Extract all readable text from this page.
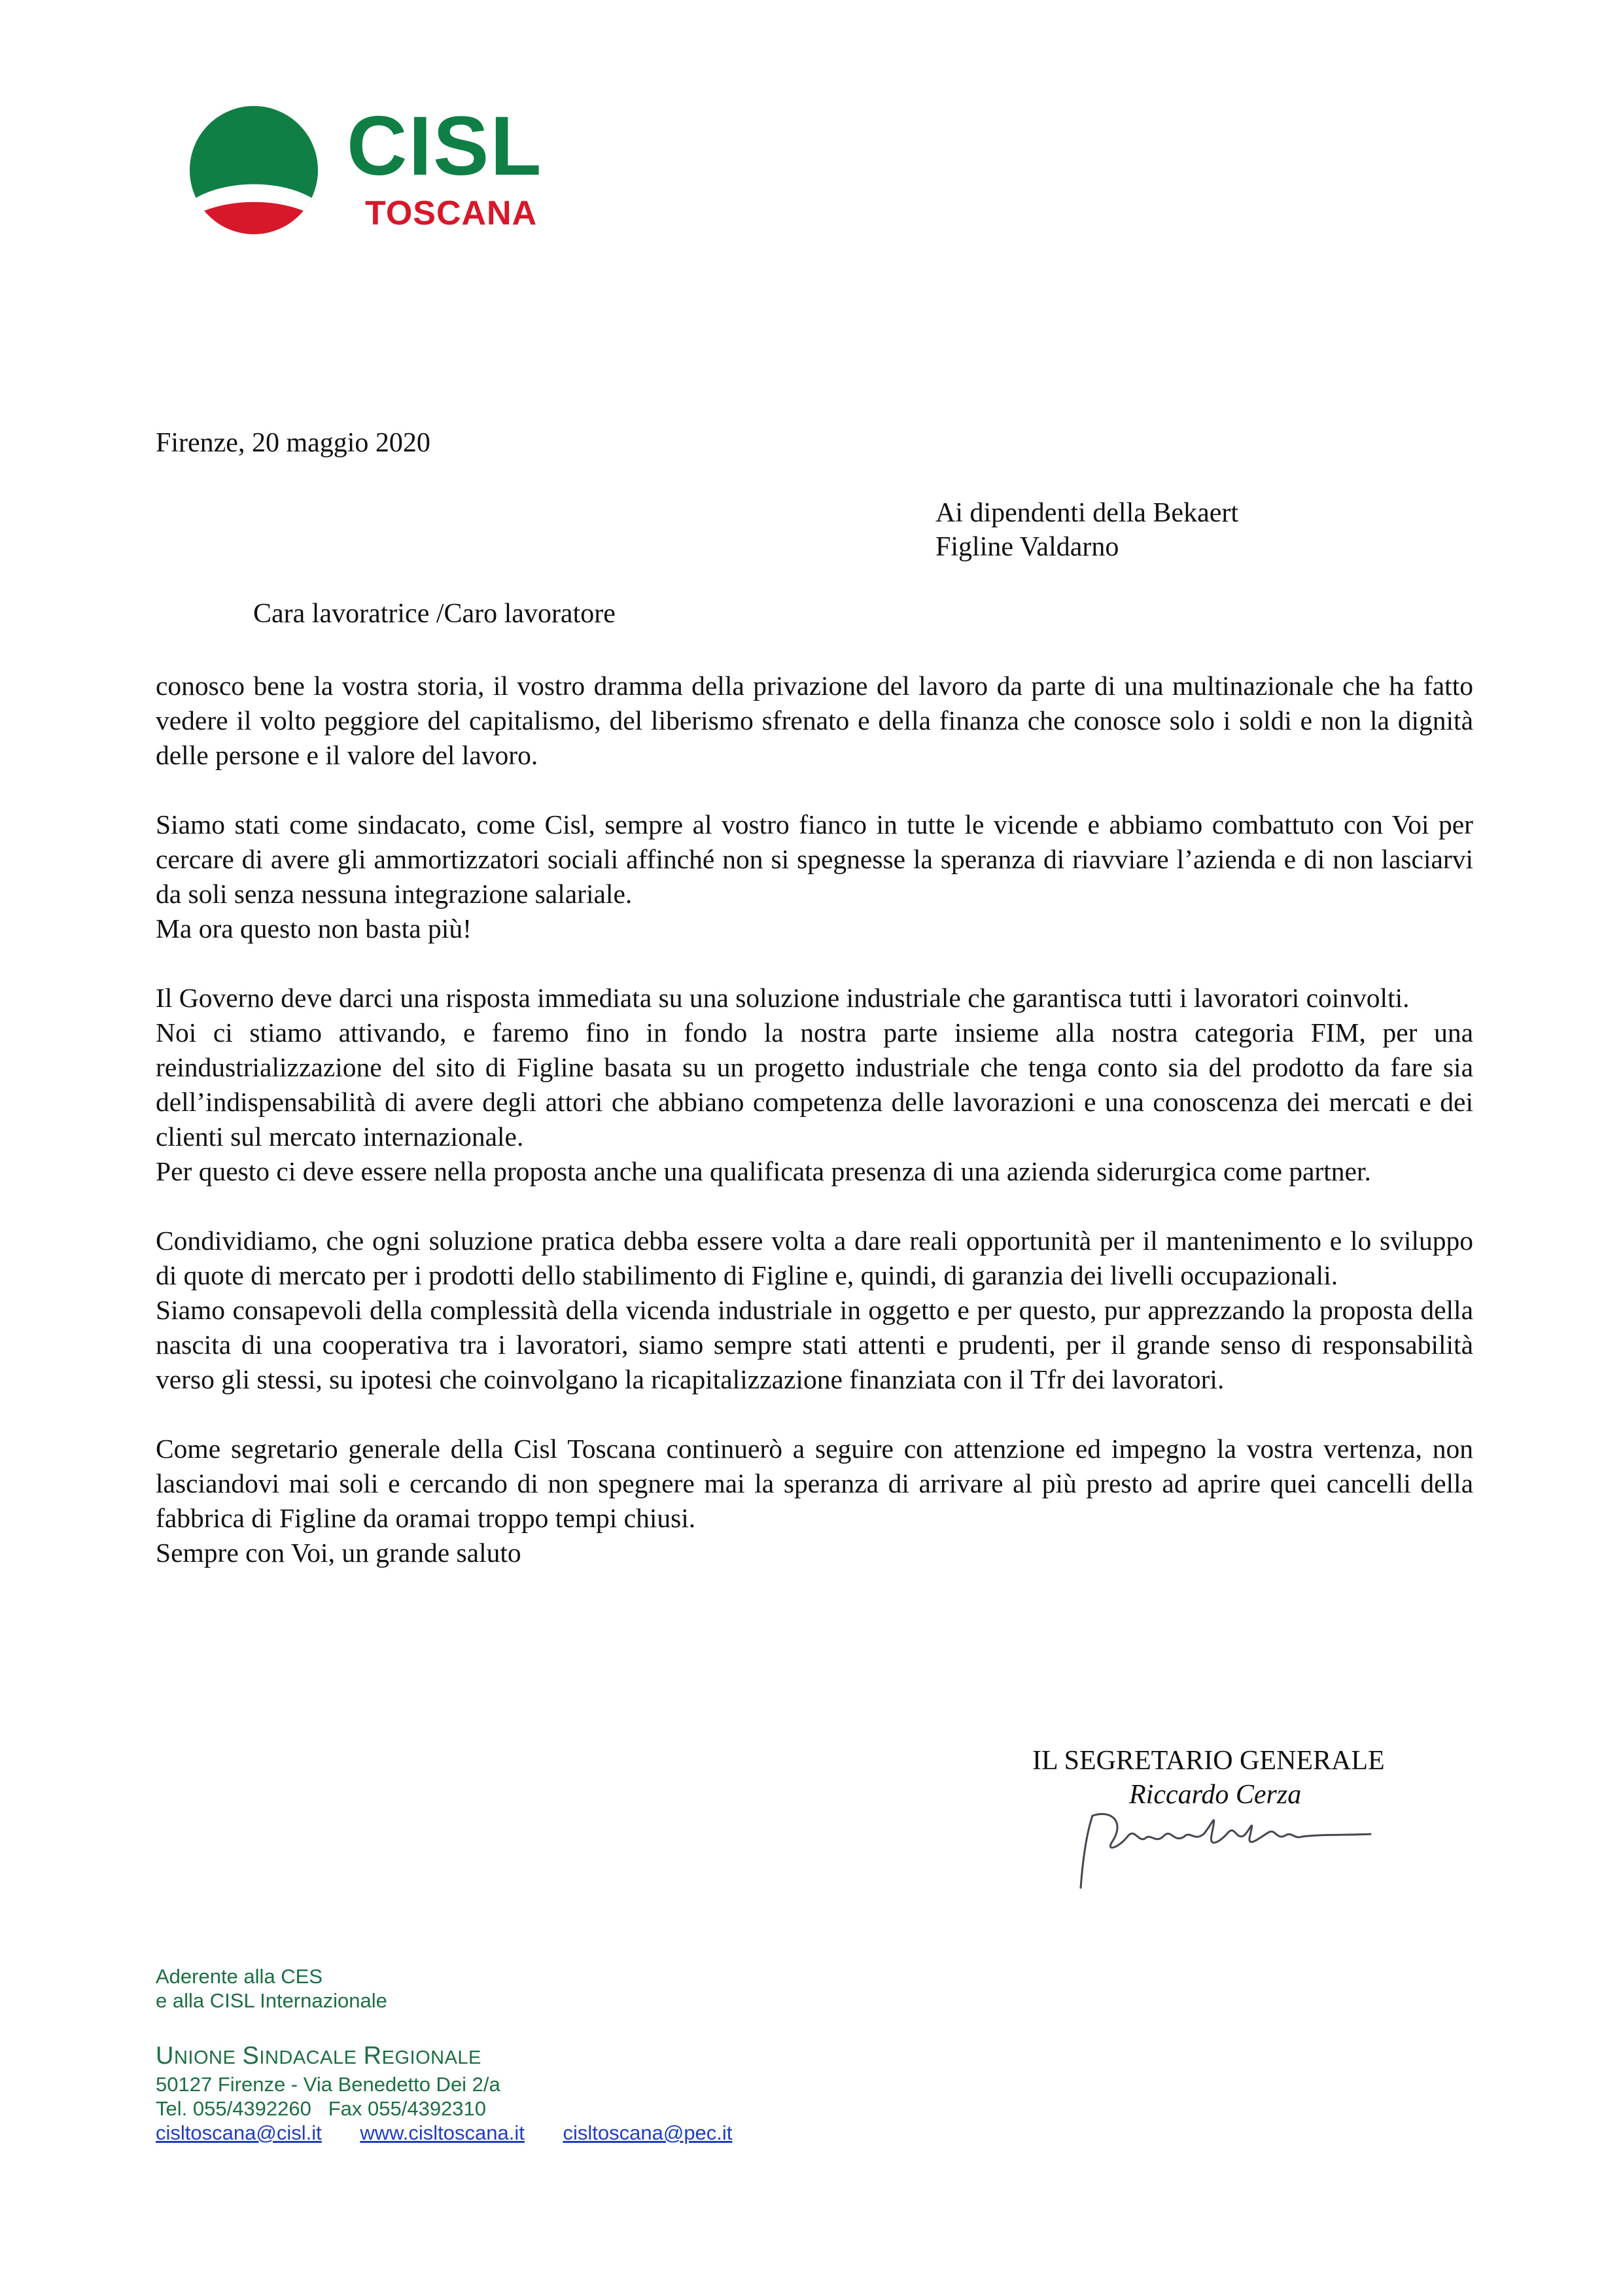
CISL
TOSCANA
Firenze, 20 maggio 2020
Ai dipendenti della Bekaert
Figline Valdarno
Cara lavoratrice /Caro lavoratore

conosco bene la vostra storia, il vostro dramma della privazione del lavoro da parte di una multinazionale che ha fatto vedere il volto peggiore del capitalismo, del liberismo sfrenato e della finanza che conosce solo i soldi e non la dignità delle persone e il valore del lavoro.

Siamo stati come sindacato, come Cisl, sempre al vostro fianco in tutte le vicende e abbiamo combattuto con Voi per cercare di avere gli ammortizzatori sociali affinché non si spegnesse la speranza di riavviare l’azienda e di non lasciarvi da soli senza nessuna integrazione salariale.
Ma ora questo non basta più!

Il Governo deve darci una risposta immediata su una soluzione industriale che garantisca tutti i lavoratori coinvolti.
Noi ci stiamo attivando, e faremo fino in fondo la nostra parte insieme alla nostra categoria FIM, per una reindustrializzazione del sito di Figline basata su un progetto industriale che tenga conto sia del prodotto da fare sia dell’indispensabilità di avere degli attori che abbiano competenza delle lavorazioni e una conoscenza dei mercati e dei clienti sul mercato internazionale.
Per questo ci deve essere nella proposta anche una qualificata presenza di una azienda siderurgica come partner.

Condividiamo, che ogni soluzione pratica debba essere volta a dare reali opportunità per il mantenimento e lo sviluppo di quote di mercato per i prodotti dello stabilimento di Figline e, quindi, di garanzia dei livelli occupazionali.
Siamo consapevoli della complessità della vicenda industriale in oggetto e per questo, pur apprezzando la proposta della nascita di una cooperativa tra i lavoratori, siamo sempre stati attenti e prudenti, per il grande senso di responsabilità verso gli stessi, su ipotesi che coinvolgano la ricapitalizzazione finanziata con il Tfr dei lavoratori.

Come segretario generale della Cisl Toscana continuerò a seguire con attenzione ed impegno la vostra vertenza, non lasciandovi mai soli e cercando di non spegnere mai la speranza di arrivare al più presto ad aprire quei cancelli della fabbrica di Figline da oramai troppo tempi chiusi.
Sempre con Voi, un grande saluto

IL SEGRETARIO GENERALE
Riccardo Cerza
Aderente alla CES
e alla CISL Internazionale
UNIONE SINDACALE REGIONALE
50127 Firenze - Via Benedetto Dei 2/a
Tel. 055/4392260   Fax 055/4392310
cisltoscana@cisl.it www.cisltoscana.it cisltoscana@pec.it
